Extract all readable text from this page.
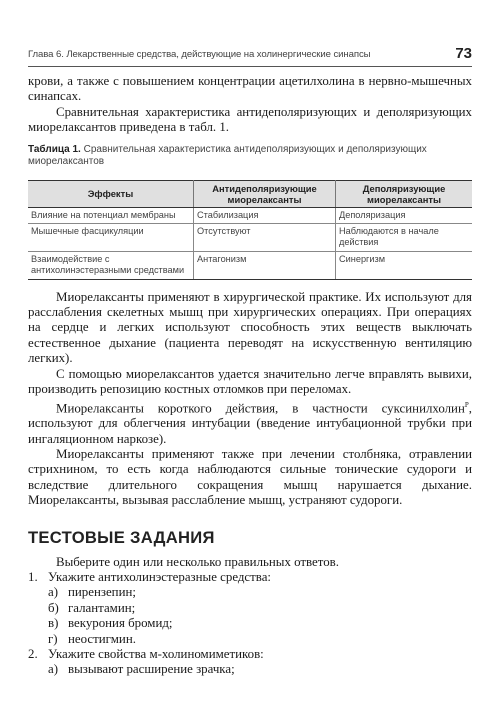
Глава 6. Лекарственные средства, действующие на холинергические синапсы	73

крови, а также с повышением концентрации ацетилхолина в нервно-мышечных синапсах.

Сравнительная характеристика антидеполяризующих и деполяризующих миорелаксантов приведена в табл. 1.

Таблица 1. Сравнительная характеристика антидеполяризующих и деполяризующих миорелаксантов
Эффекты	Антидеполяризующие миорелаксанты	Деполяризующие миорелаксанты
Влияние на потенциал мембраны	Стабилизация	Деполяризация
Мышечные фасцикуляции	Отсутствуют	Наблюдаются в начале действия
Взаимодействие с антихолинэстеразными средствами	Антагонизм	Синергизм

Миорелаксанты применяют в хирургической практике. Их используют для расслабления скелетных мышц при хирургических операциях. При операциях на сердце и легких используют способность этих веществ выключать естественное дыхание (пациента переводят на искусственную вентиляцию легких).

С помощью миорелаксантов удается значительно легче вправлять вывихи, производить репозицию костных отломков при переломах.

Миорелаксанты короткого действия, в частности суксинилхолин$^Р$, используют для облегчения интубации (введение интубационной трубки при ингаляционном наркозе).

Миорелаксанты применяют также при лечении столбняка, отравлении стрихнином, то есть когда наблюдаются сильные тонические судороги и вследствие длительного сокращения мышц нарушается дыхание. Миорелаксанты, вызывая расслабление мышц, устраняют судороги.

ТЕСТОВЫЕ ЗАДАНИЯ

Выберите один или несколько правильных ответов.

1. Укажите антихолинэстеразные средства:
а) пирензепин;
б) галантамин;
в) векурония бромид;
г) неостигмин.
2. Укажите свойства м-холиномиметиков:
а) вызывают расширение зрачка;
